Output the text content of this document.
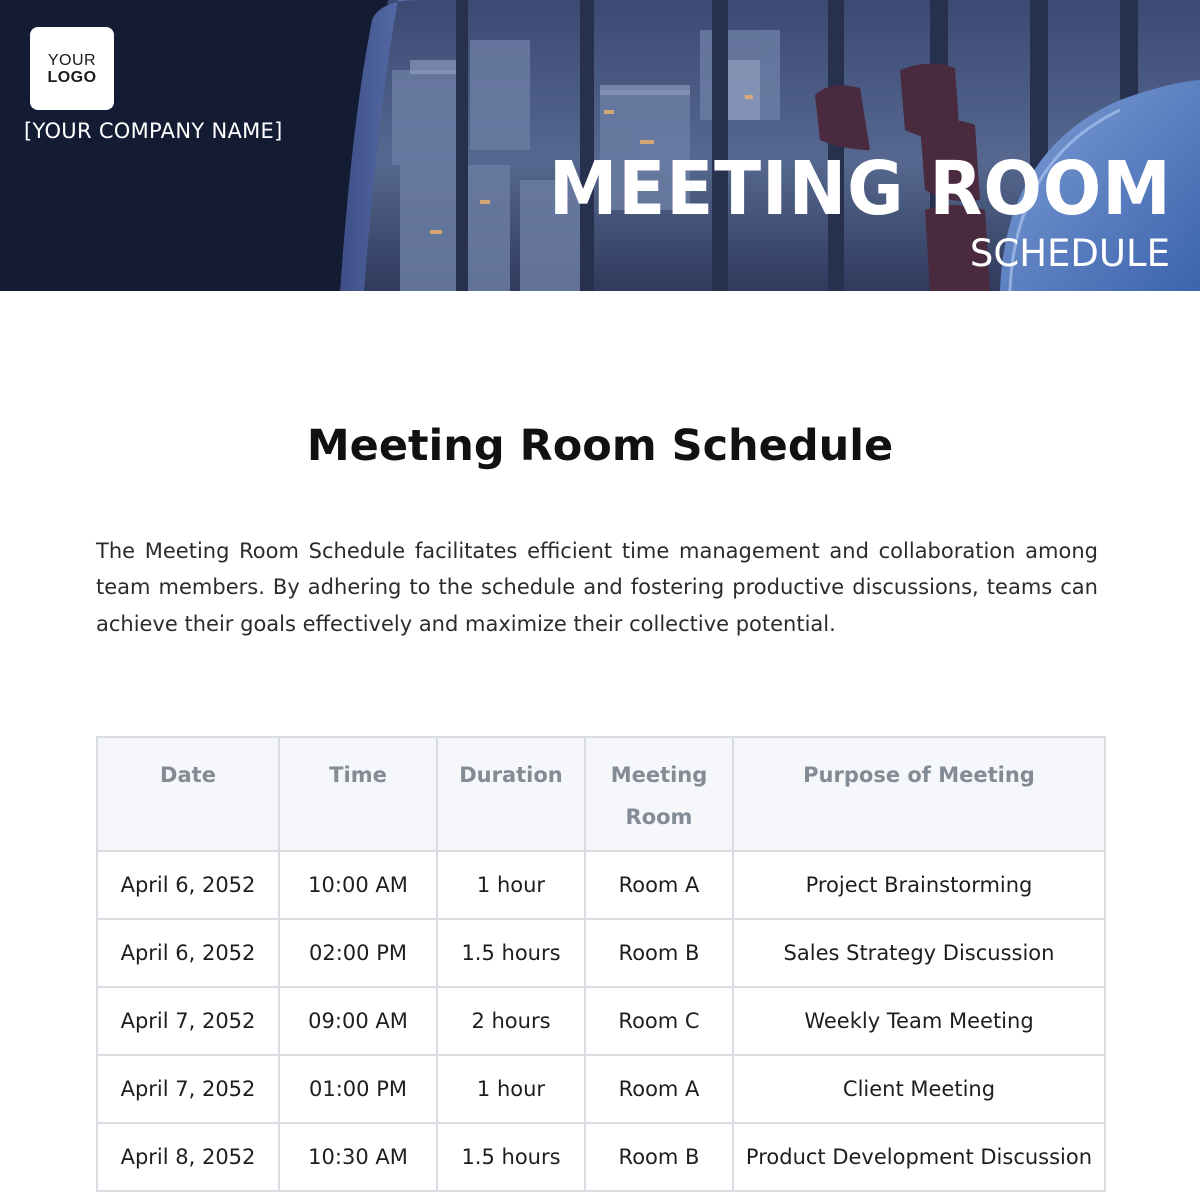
YOUR
LOGO
[YOUR COMPANY NAME]
MEETING ROOM
SCHEDULE
Meeting Room Schedule

The Meeting Room Schedule facilitates efficient time management and collaboration among team members. By adhering to the schedule and fostering productive discussions, teams can achieve their goals effectively and maximize their collective potential.

Date	Time	Duration	Meeting Room	Purpose of Meeting
April 6, 2052	10:00 AM	1 hour	Room A	Project Brainstorming
April 6, 2052	02:00 PM	1.5 hours	Room B	Sales Strategy Discussion
April 7, 2052	09:00 AM	2 hours	Room C	Weekly Team Meeting
April 7, 2052	01:00 PM	1 hour	Room A	Client Meeting
April 8, 2052	10:30 AM	1.5 hours	Room B	Product Development Discussion
